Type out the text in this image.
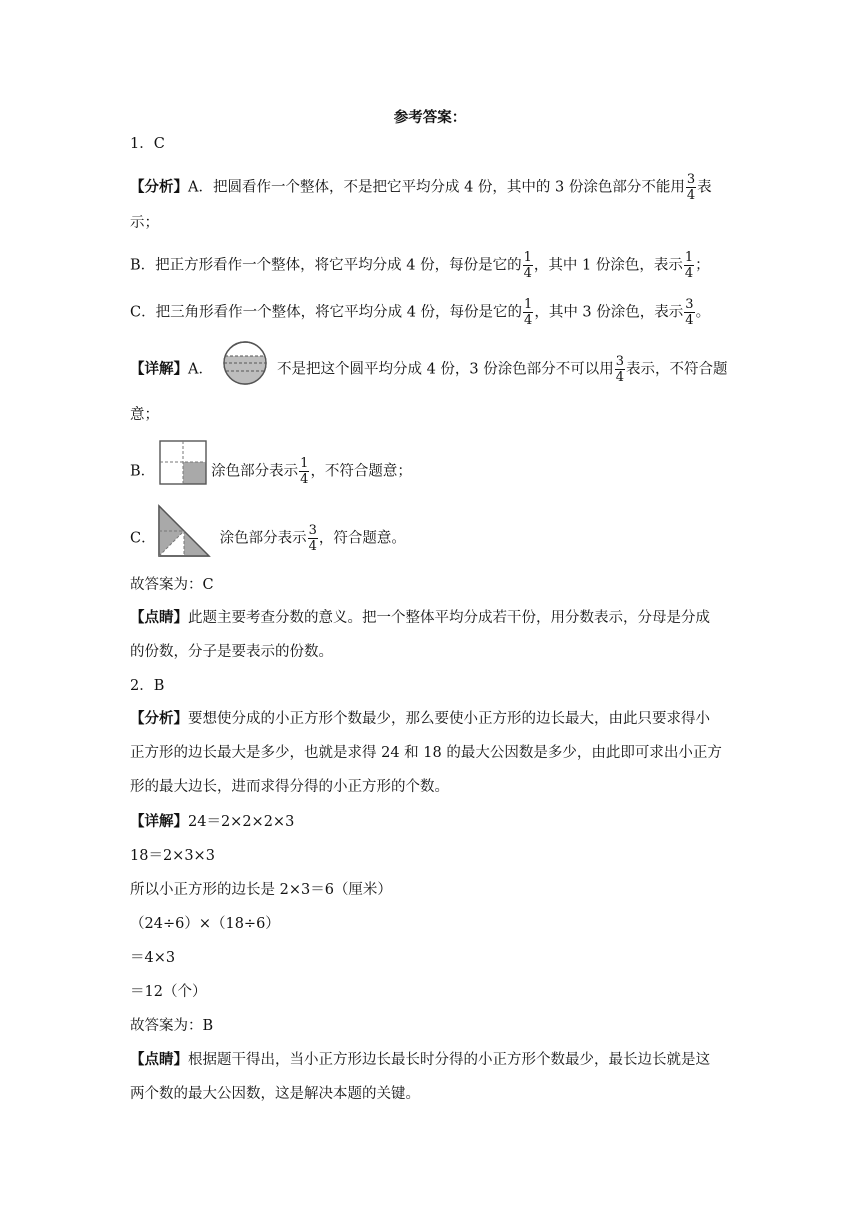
参考答案：
1．C
【分析】A．把圆看作一个整体，不是把它平均分成 4 份，其中的 3 份涂色部分不能用 $\frac{3}{4}$ 表
示；
B．把正方形看作一个整体，将它平均分成 4 份，每份是它的 $\frac{1}{4}$ ，其中 1 份涂色，表示 $\frac{1}{4}$ ；
C．把三角形看作一个整体，将它平均分成 4 份，每份是它的 $\frac{1}{4}$ ，其中 3 份涂色，表示 $\frac{3}{4}$ 。
【详解】A．	不是把这个圆平均分成 4 份，3 份涂色部分不可以用 $\frac{3}{4}$ 表示，不符合题
意；
B．	涂色部分表示 $\frac{1}{4}$ ，不符合题意；
C．	涂色部分表示 $\frac{3}{4}$ ，符合题意。
故答案为：C
【点睛】此题主要考查分数的意义。把一个整体平均分成若干份，用分数表示，分母是分成
的份数，分子是要表示的份数。
2．B
【分析】要想使分成的小正方形个数最少，那么要使小正方形的边长最大，由此只要求得小
正方形的边长最大是多少，也就是求得 24 和 18 的最大公因数是多少，由此即可求出小正方
形的最大边长，进而求得分得的小正方形的个数。
【详解】24＝2×2×2×3
18＝2×3×3
所以小正方形的边长是 2×3＝6（厘米）
（24÷6）×（18÷6）
＝4×3
＝12（个）
故答案为：B
【点睛】根据题干得出，当小正方形边长最长时分得的小正方形个数最少，最长边长就是这
两个数的最大公因数，这是解决本题的关键。
